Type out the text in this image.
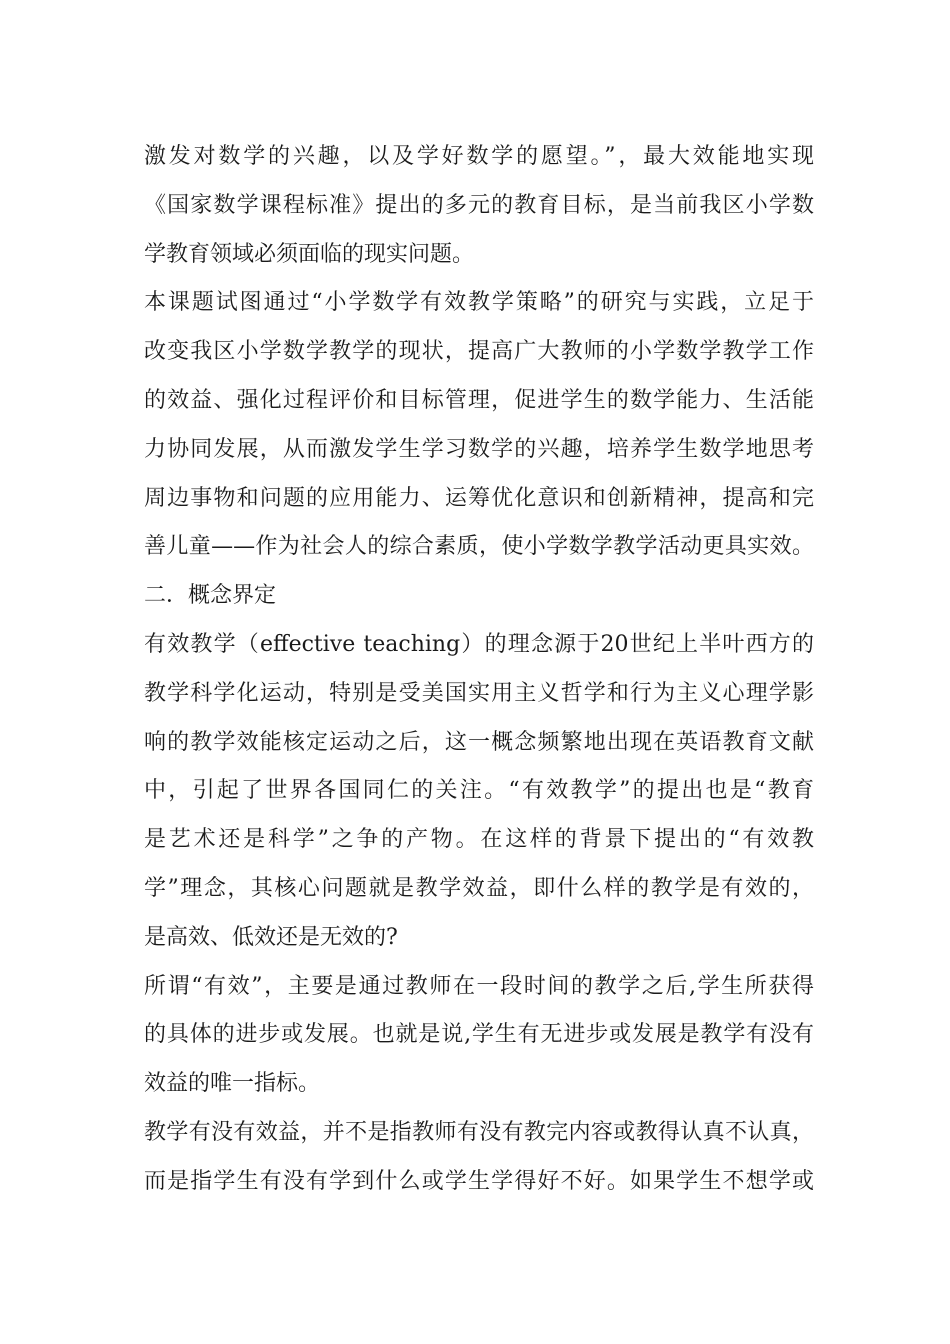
激发对数学的兴趣，以及学好数学的愿望。”，最大效能地实现
《国家数学课程标准》提出的多元的教育目标，是当前我区小学数
学教育领域必须面临的现实问题。
本课题试图通过“小学数学有效教学策略”的研究与实践，立足于
改变我区小学数学教学的现状，提高广大教师的小学数学教学工作
的效益、强化过程评价和目标管理，促进学生的数学能力、生活能
力协同发展，从而激发学生学习数学的兴趣，培养学生数学地思考
周边事物和问题的应用能力、运筹优化意识和创新精神，提高和完
善儿童——作为社会人的综合素质，使小学数学教学活动更具实效。
二．概念界定
有效教学（effective teaching）的理念源于20世纪上半叶西方的
教学科学化运动，特别是受美国实用主义哲学和行为主义心理学影
响的教学效能核定运动之后，这一概念频繁地出现在英语教育文献
中，引起了世界各国同仁的关注。“有效教学”的提出也是“教育
是艺术还是科学”之争的产物。在这样的背景下提出的“有效教
学”理念，其核心问题就是教学效益，即什么样的教学是有效的，
是高效、低效还是无效的?
所谓“有效”，主要是通过教师在一段时间的教学之后,学生所获得
的具体的进步或发展。也就是说,学生有无进步或发展是教学有没有
效益的唯一指标。
教学有没有效益，并不是指教师有没有教完内容或教得认真不认真，
而是指学生有没有学到什么或学生学得好不好。如果学生不想学或
